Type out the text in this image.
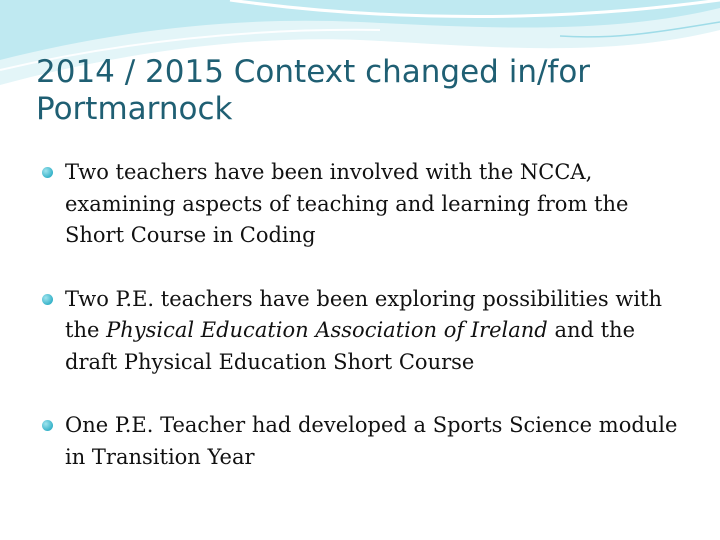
2014 / 2015 Context changed in/for Portmarnock
Two teachers have been involved with the NCCA, examining aspects of teaching and learning from the Short Course in Coding
Two P.E. teachers have been exploring possibilities with the Physical Education Association of Ireland and the draft Physical Education Short Course
One P.E. Teacher had developed a Sports Science module in Transition Year
